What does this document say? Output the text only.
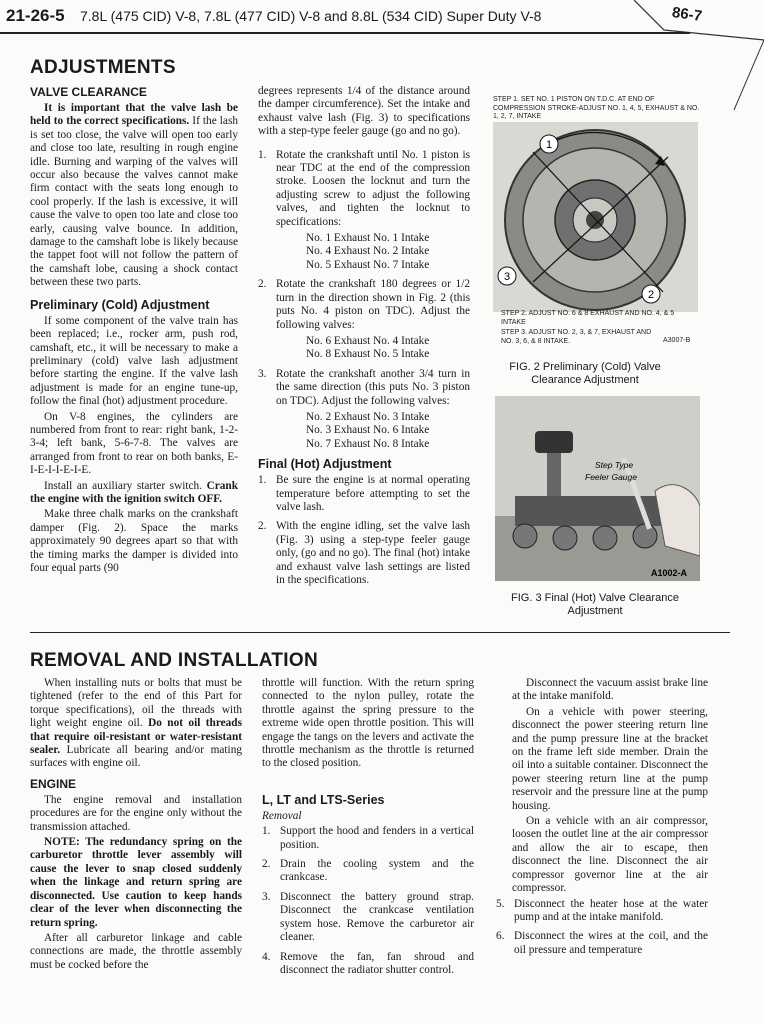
21-26-5 7.8L (475 CID) V-8, 7.8L (477 CID) V-8 and 8.8L (534 CID) Super Duty V-8	86-7
ADJUSTMENTS
VALVE CLEARANCE

It is important that the valve lash be held to the correct specifications. If the lash is set too close, the valve will open too early and close too late, resulting in rough engine idle. Burning and warping of the valves will occur also because the valves cannot make firm contact with the seats long enough to cool properly. If the lash is excessive, it will cause the valve to open too late and close too early, causing valve bounce. In addition, damage to the camshaft lobe is likely because the tappet foot will not follow the pattern of the camshaft lobe, causing a shock contact between these two parts.

Preliminary (Cold) Adjustment

If some component of the valve train has been replaced; i.e., rocker arm, push rod, camshaft, etc., it will be necessary to make a preliminary (cold) valve lash adjustment before starting the engine. If the valve lash adjustment is made for an engine tune-up, follow the final (hot) adjustment procedure.

On V-8 engines, the cylinders are numbered from front to rear: right bank, 1-2-3-4; left bank, 5-6-7-8. The valves are arranged from front to rear on both banks, E-I-E-I-I-E-I-E.

Install an auxiliary starter switch. Crank the engine with the ignition switch OFF.

Make three chalk marks on the crankshaft damper (Fig. 2). Space the marks approximately 90 degrees apart so that with the timing marks the damper is divided into four equal parts (90

degrees represents 1/4 of the distance around the damper circumference). Set the intake and exhaust valve lash (Fig. 3) to specifications with a step-type feeler gauge (go and no go).

1. Rotate the crankshaft until No. 1 piston is near TDC at the end of the compression stroke. Loosen the locknut and turn the adjusting screw to adjust the following valves, and tighten the locknut to specifications:
No. 1 Exhaust No. 1 Intake
No. 4 Exhaust No. 2 Intake
No. 5 Exhaust No. 7 Intake
2. Rotate the crankshaft 180 degrees or 1/2 turn in the direction shown in Fig. 2 (this puts No. 4 piston on TDC). Adjust the following valves:
No. 6 Exhaust No. 4 Intake
No. 8 Exhaust No. 5 Intake
3. Rotate the crankshaft another 3/4 turn in the same direction (this puts No. 3 piston on TDC). Adjust the following valves:
No. 2 Exhaust No. 3 Intake
No. 3 Exhaust No. 6 Intake
No. 7 Exhaust No. 8 Intake
Final (Hot) Adjustment
1. Be sure the engine is at normal operating temperature before attempting to set the valve lash.
2. With the engine idling, set the valve lash (Fig. 3) using a step-type feeler gauge only, (go and no go). The final (hot) intake and exhaust valve lash settings are listed in the specifications.
STEP 1. SET NO. 1 PISTON ON T.D.C. AT END OF COMPRESSION STROKE-ADJUST NO. 1, 4, 5, EXHAUST & NO. 1, 2, 7, INTAKE
1
3
2
STEP 2. ADJUST NO. 6 & 8 EXHAUST AND NO. 4, & 5 INTAKE
STEP 3. ADJUST NO. 2, 3, & 7, EXHAUST AND NO. 3, 6, & 8 INTAKE.	A3007-B
FIG. 2 Preliminary (Cold) Valve Clearance Adjustment
Step Type
Feeler Gauge
A1002-A
FIG. 3 Final (Hot) Valve Clearance Adjustment
REMOVAL AND INSTALLATION

When installing nuts or bolts that must be tightened (refer to the end of this Part for torque specifications), oil the threads with light weight engine oil. Do not oil threads that require oil-resistant or water-resistant sealer. Lubricate all bearing and/or mating surfaces with engine oil.

ENGINE

The engine removal and installation procedures are for the engine only without the transmission attached.

NOTE: The redundancy spring on the carburetor throttle lever assembly will cause the lever to snap closed suddenly when the linkage and return spring are disconnected. Use caution to keep hands clear of the lever when disconnecting the return spring.

After all carburetor linkage and cable connections are made, the throttle assembly must be cocked before the

throttle will function. With the return spring connected to the nylon pulley, rotate the throttle against the spring pressure to the extreme wide open throttle position. This will engage the tangs on the levers and activate the throttle mechanism as the throttle is returned to the closed position.

L, LT and LTS-Series
Removal
1. Support the hood and fenders in a vertical position.
2. Drain the cooling system and the crankcase.
3. Disconnect the battery ground strap. Disconnect the crankcase ventilation system hose. Remove the carburetor air cleaner.
4. Remove the fan, fan shroud and disconnect the radiator shutter control.

Disconnect the vacuum assist brake line at the intake manifold.

On a vehicle with power steering, disconnect the power steering return line and the pump pressure line at the bracket on the frame left side member. Drain the oil into a suitable container. Disconnect the power steering return line at the pump reservoir and the pressure line at the pump housing.

On a vehicle with an air compressor, loosen the outlet line at the air compressor and allow the air to escape, then disconnect the line. Disconnect the air compressor governor line at the air compressor.

5. Disconnect the heater hose at the water pump and at the intake manifold.
6. Disconnect the wires at the coil, and the oil pressure and temperature
